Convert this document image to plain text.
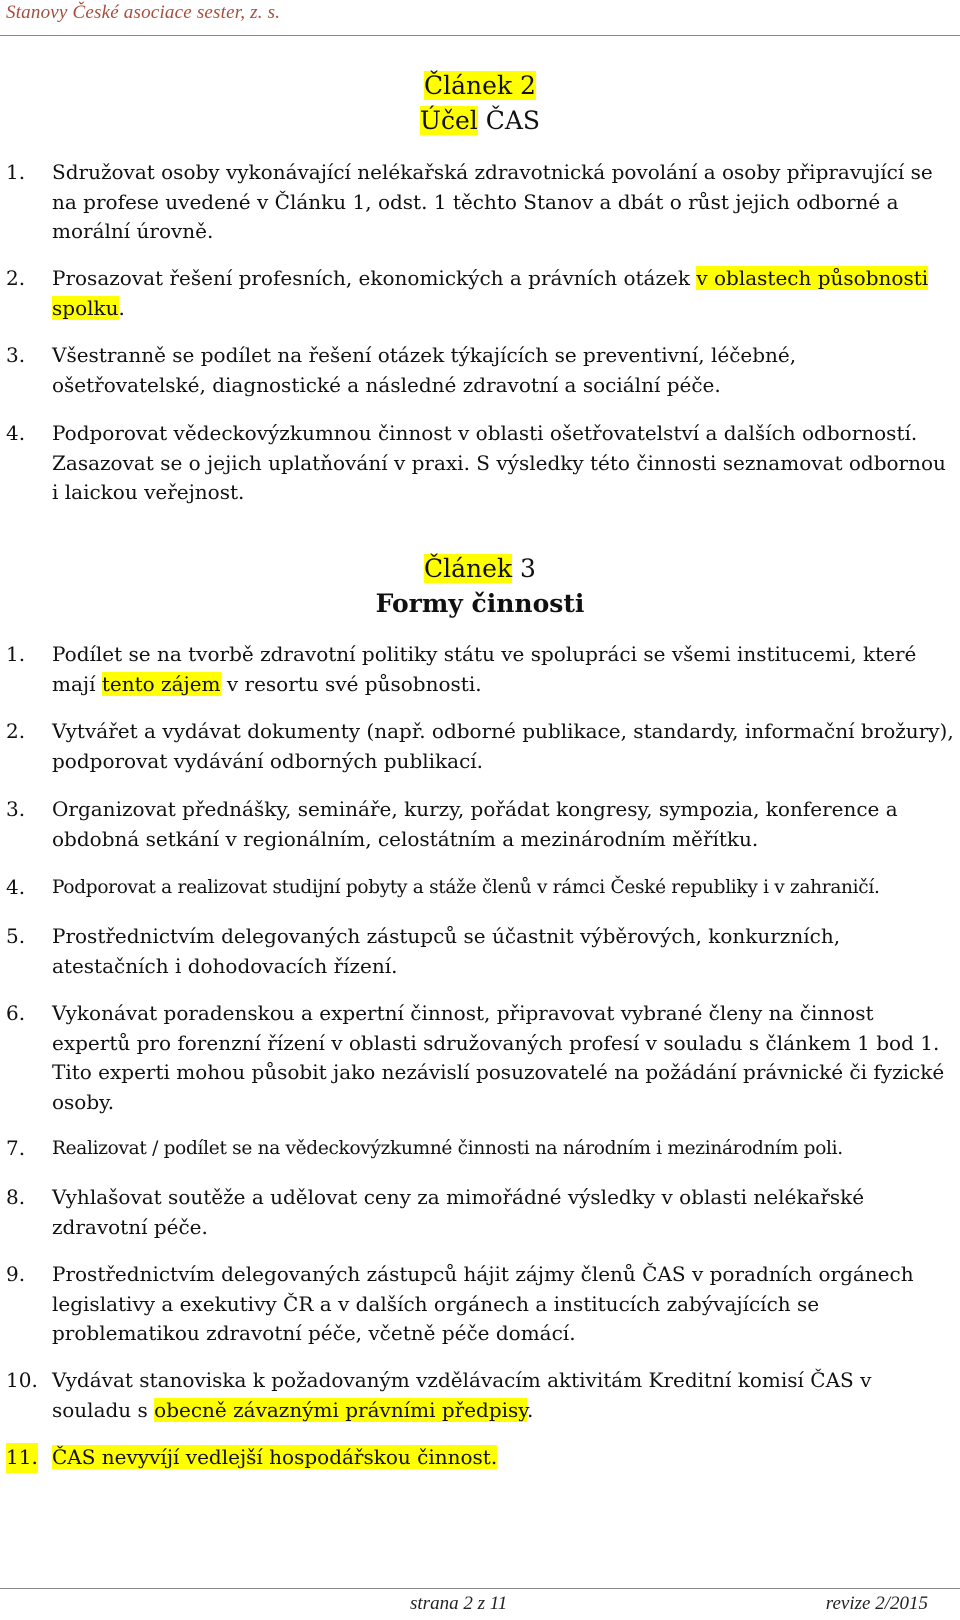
Stanovy České asociace sester, z. s.
Článek 2
Účel ČAS
1. Sdružovat osoby vykonávající nelékařská zdravotnická povolání a osoby připravující se na profese uvedené v Článku 1, odst. 1 těchto Stanov a dbát o růst jejich odborné a morální úrovně.
2. Prosazovat řešení profesních, ekonomických a právních otázek v oblastech působnosti spolku.
3. Všestranně se podílet na řešení otázek týkajících se preventivní, léčebné, ošetřovatelské, diagnostické a následné zdravotní a sociální péče.
4. Podporovat vědeckovýzkumnou činnost v oblasti ošetřovatelství a dalších odborností. Zasazovat se o jejich uplatňování v praxi. S výsledky této činnosti seznamovat odbornou i laickou veřejnost.
Článek 3
Formy činnosti
1. Podílet se na tvorbě zdravotní politiky státu ve spolupráci se všemi institucemi, které mají tento zájem v resortu své působnosti.
2. Vytvářet a vydávat dokumenty (např. odborné publikace, standardy, informační brožury), podporovat vydávání odborných publikací.
3. Organizovat přednášky, semináře, kurzy, pořádat kongresy, sympozia, konference a obdobná setkání v regionálním, celostátním a mezinárodním měřítku.
4. Podporovat a realizovat studijní pobyty a stáže členů v rámci České republiky i v zahraničí.
5. Prostřednictvím delegovaných zástupců se účastnit výběrových, konkurzních, atestačních i dohodovacích řízení.
6. Vykonávat poradenskou a expertní činnost, připravovat vybrané členy na činnost expertů pro forenzní řízení v oblasti sdružovaných profesí v souladu s článkem 1 bod 1. Tito experti mohou působit jako nezávislí posuzovatelé na požádání právnické či fyzické osoby.
7. Realizovat / podílet se na vědeckovýzkumné činnosti na národním i mezinárodním poli.
8. Vyhlašovat soutěže a udělovat ceny za mimořádné výsledky v oblasti nelékařské zdravotní péče.
9. Prostřednictvím delegovaných zástupců hájit zájmy členů ČAS v poradních orgánech legislativy a exekutivy ČR a v dalších orgánech a institucích zabývajících se problematikou zdravotní péče, včetně péče domácí.
10. Vydávat stanoviska k požadovaným vzdělávacím aktivitám Kreditní komisí ČAS v souladu s obecně závaznými právními předpisy.
11. ČAS nevyvíjí vedlejší hospodářskou činnost.
strana 2 z 11	revize 2/2015
